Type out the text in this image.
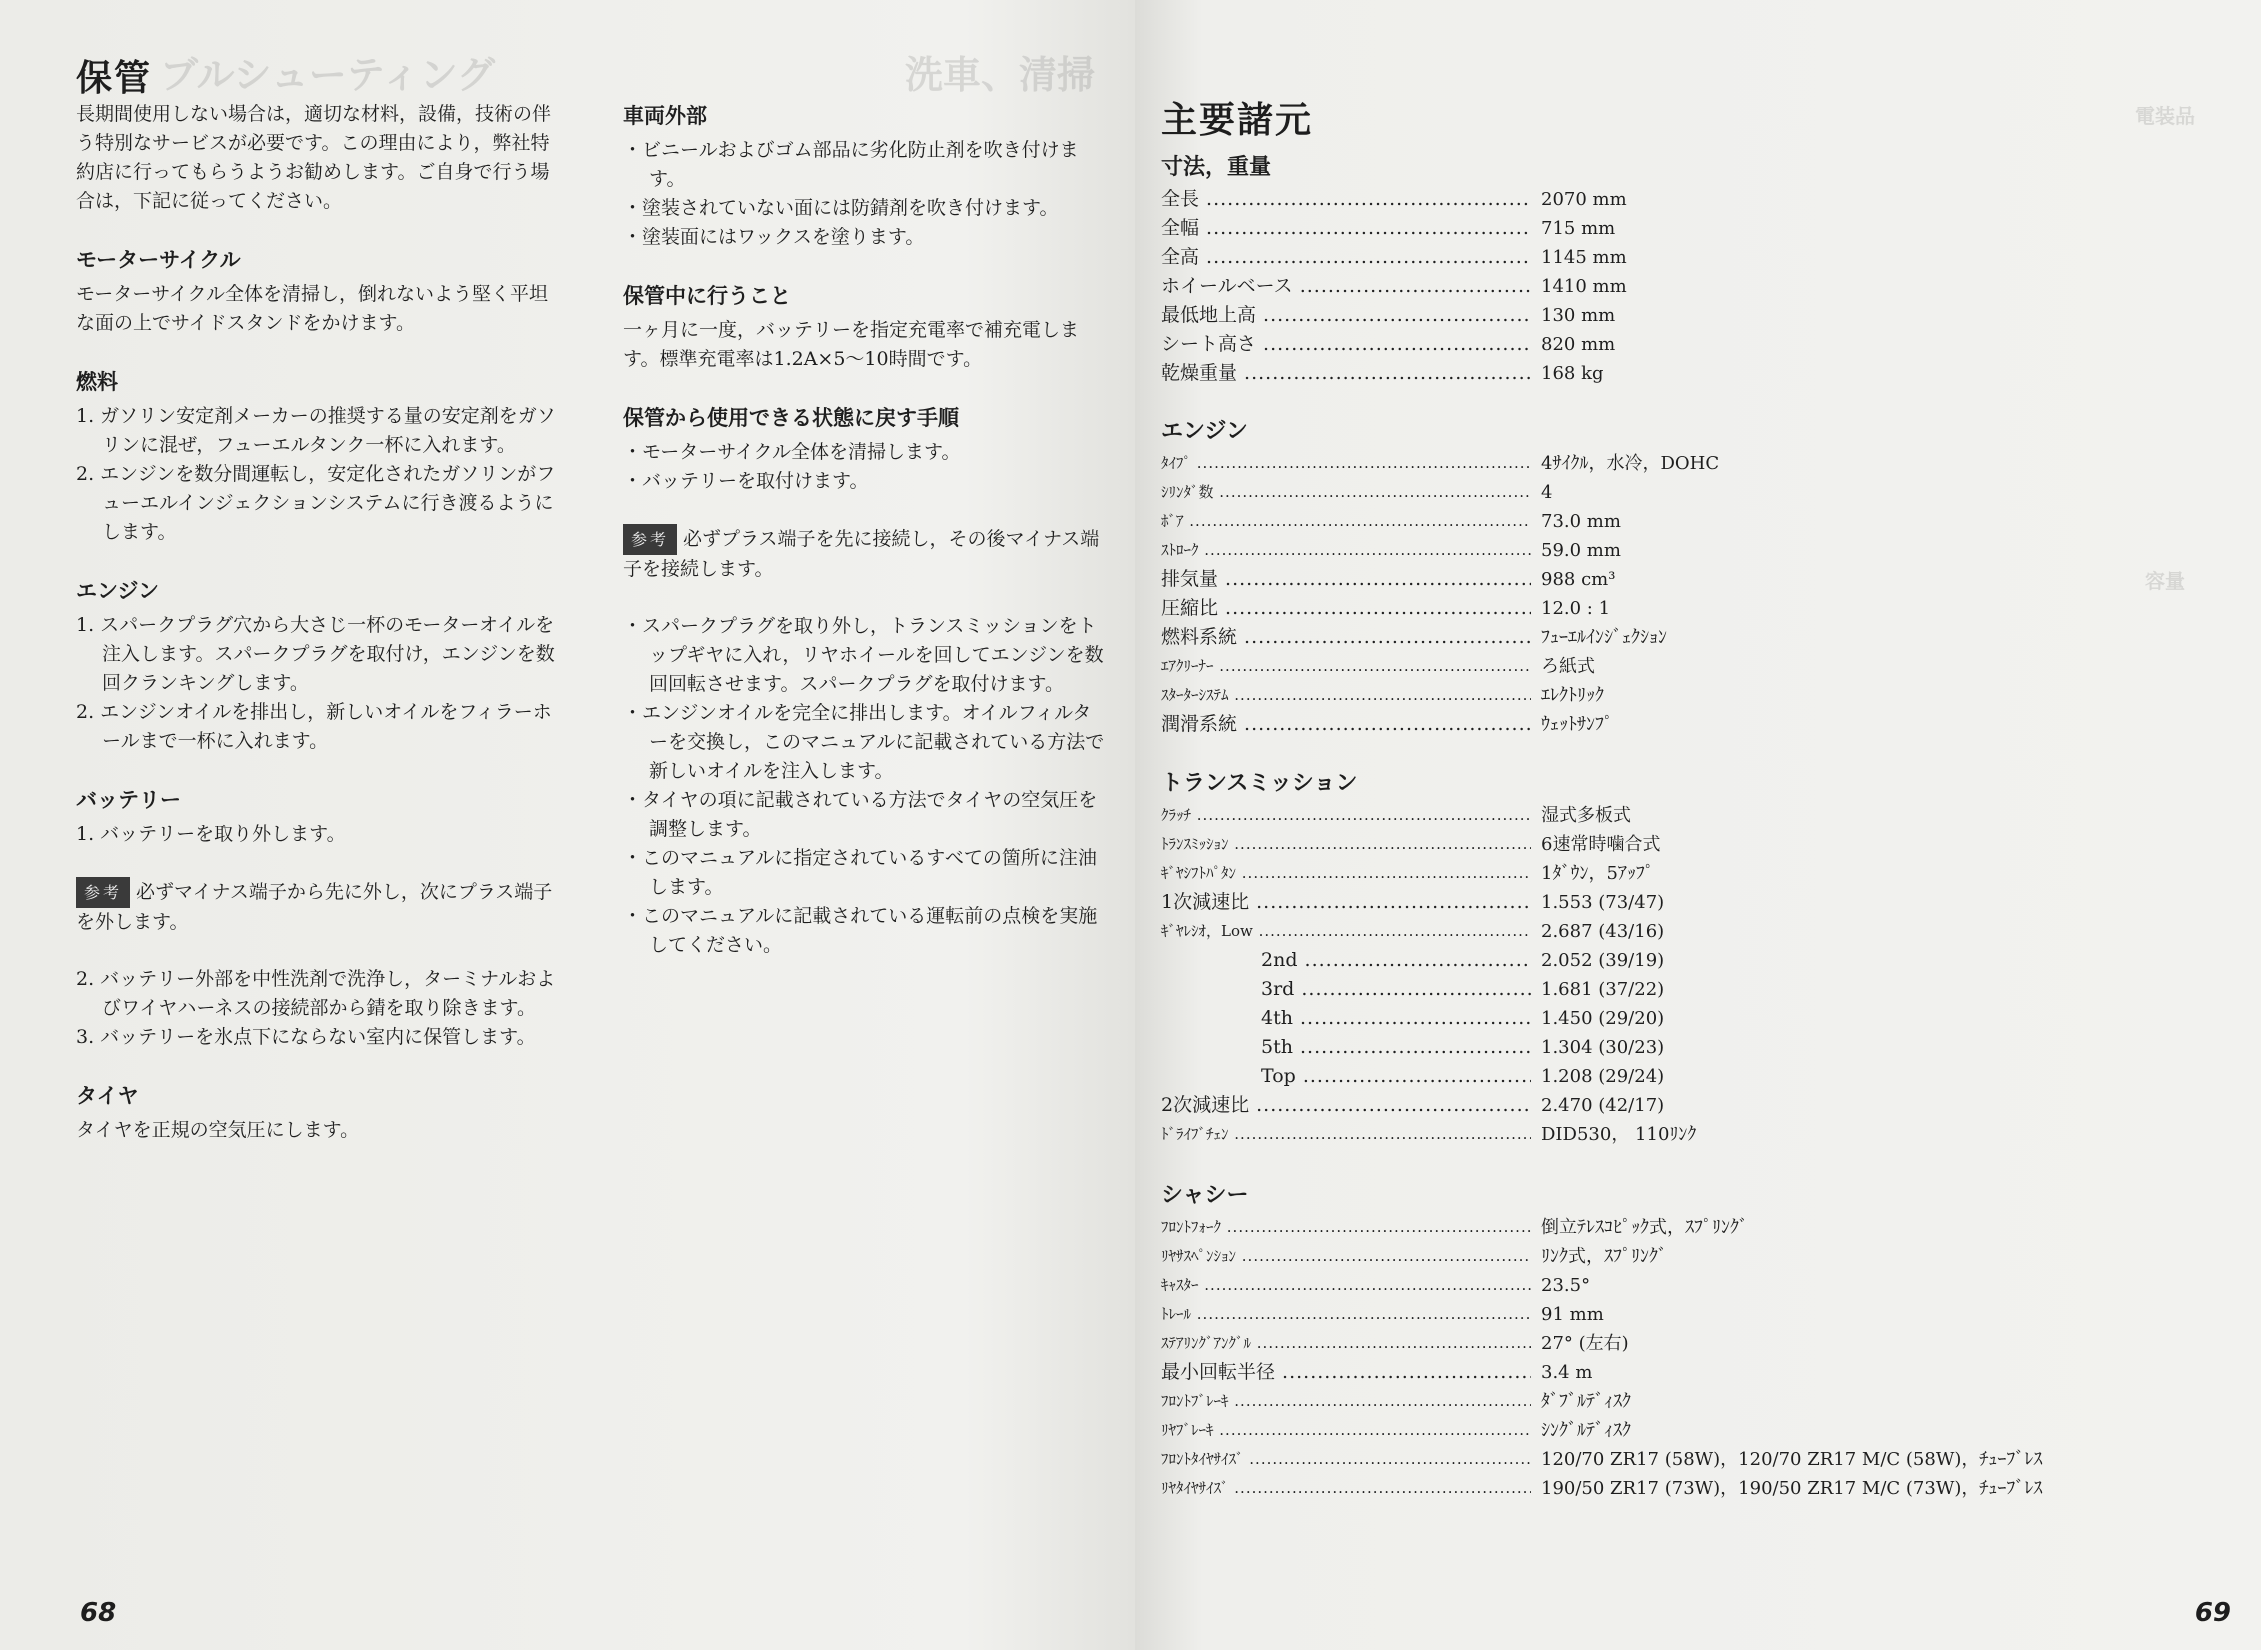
ブルシューティング	洗車、清掃
保管

長期間使用しない場合は，適切な材料，設備，技術の伴う特別なサービスが必要です。この理由により，弊社特約店に行ってもらうようお勧めします。ご自身で行う場合は，下記に従ってください。

モーターサイクル

モーターサイクル全体を清掃し，倒れないよう堅く平坦な面の上でサイドスタンドをかけます。

燃料
1. ガソリン安定剤メーカーの推奨する量の安定剤をガソリンに混ぜ，フューエルタンク一杯に入れます。
2. エンジンを数分間運転し，安定化されたガソリンがフューエルインジェクションシステムに行き渡るようにします。
エンジン
1. スパークプラグ穴から大さじ一杯のモーターオイルを注入します。スパークプラグを取付け，エンジンを数回クランキングします。
2. エンジンオイルを排出し，新しいオイルをフィラーホールまで一杯に入れます。
バッテリー
1. バッテリーを取り外します。

参考 必ずマイナス端子から先に外し，次にプラス端子を外します。

2. バッテリー外部を中性洗剤で洗浄し，ターミナルおよびワイヤハーネスの接続部から錆を取り除きます。
3. バッテリーを氷点下にならない室内に保管します。
タイヤ

タイヤを正規の空気圧にします。

車両外部
・ビニールおよびゴム部品に劣化防止剤を吹き付けます。
・塗装されていない面には防錆剤を吹き付けます。
・塗装面にはワックスを塗ります。
保管中に行うこと

一ヶ月に一度，バッテリーを指定充電率で補充電します。標準充電率は1.2A×5～10時間です。

保管から使用できる状態に戻す手順
・モーターサイクル全体を清掃します。
・バッテリーを取付けます。

参考 必ずプラス端子を先に接続し，その後マイナス端子を接続します。

・スパークプラグを取り外し，トランスミッションをトップギヤに入れ，リヤホイールを回してエンジンを数回回転させます。スパークプラグを取付けます。
・エンジンオイルを完全に排出します。オイルフィルターを交換し，このマニュアルに記載されている方法で新しいオイルを注入します。
・タイヤの項に記載されている方法でタイヤの空気圧を調整します。
・このマニュアルに指定されているすべての箇所に注油します。
・このマニュアルに記載されている運転前の点検を実施してください。
68
電装品
容量
主要諸元
寸法，重量
全長 .....	2070 mm
全幅 .....	715 mm
全高 .....	1145 mm
ホイールベース .....	1410 mm
最低地上高 .....	130 mm
シート高さ .....	820 mm
乾燥重量 .....	168 kg
エンジン
ﾀｲﾌﾟ .....	4ｻｲｸﾙ，水冷，DOHC
ｼﾘﾝﾀﾞ数 .....	4
ﾎﾞｱ .....	73.0 mm
ｽﾄﾛｰｸ .....	59.0 mm
排気量 .....	988 cm³
圧縮比 .....	12.0 : 1
燃料系統 .....	ﾌｭｰｴﾙｲﾝｼﾞｪｸｼｮﾝ
ｴｱｸﾘｰﾅｰ .....	ろ紙式
ｽﾀｰﾀｰｼｽﾃﾑ .....	ｴﾚｸﾄﾘｯｸ
潤滑系統 .....	ｳｪｯﾄｻﾝﾌﾟ
トランスミッション
ｸﾗｯﾁ .....	湿式多板式
ﾄﾗﾝｽﾐｯｼｮﾝ .....	6速常時噛合式
ｷﾞﾔｼﾌﾄﾊﾟﾀﾝ .....	1ﾀﾞｳﾝ，5ｱｯﾌﾟ
1次減速比 .....	1.553 (73/47)
ｷﾞﾔﾚｼｵ，Low .....	2.687 (43/16)
2nd .....	2.052 (39/19)
3rd .....	1.681 (37/22)
4th .....	1.450 (29/20)
5th .....	1.304 (30/23)
Top .....	1.208 (29/24)
2次減速比 .....	2.470 (42/17)
ﾄﾞﾗｲﾌﾞﾁｪﾝ .....	DID530， 110ﾘﾝｸ
シャシー
ﾌﾛﾝﾄﾌｫｰｸ .....	倒立ﾃﾚｽｺﾋﾟｯｸ式，ｽﾌﾟﾘﾝｸﾞ
ﾘﾔｻｽﾍﾟﾝｼｮﾝ .....	ﾘﾝｸ式，ｽﾌﾟﾘﾝｸﾞ
ｷｬｽﾀｰ .....	23.5°
ﾄﾚｰﾙ .....	91 mm
ｽﾃｱﾘﾝｸﾞｱﾝｸﾞﾙ .....	27° (左右)
最小回転半径 .....	3.4 m
ﾌﾛﾝﾄﾌﾞﾚｰｷ .....	ﾀﾞﾌﾞﾙﾃﾞｨｽｸ
ﾘﾔﾌﾞﾚｰｷ .....	ｼﾝｸﾞﾙﾃﾞｨｽｸ
ﾌﾛﾝﾄﾀｲﾔｻｲｽﾞ .....	120/70 ZR17 (58W)，120/70 ZR17 M/C (58W)，ﾁｭｰﾌﾞﾚｽ
ﾘﾔﾀｲﾔｻｲｽﾞ .....	190/50 ZR17 (73W)，190/50 ZR17 M/C (73W)，ﾁｭｰﾌﾞﾚｽ
69
